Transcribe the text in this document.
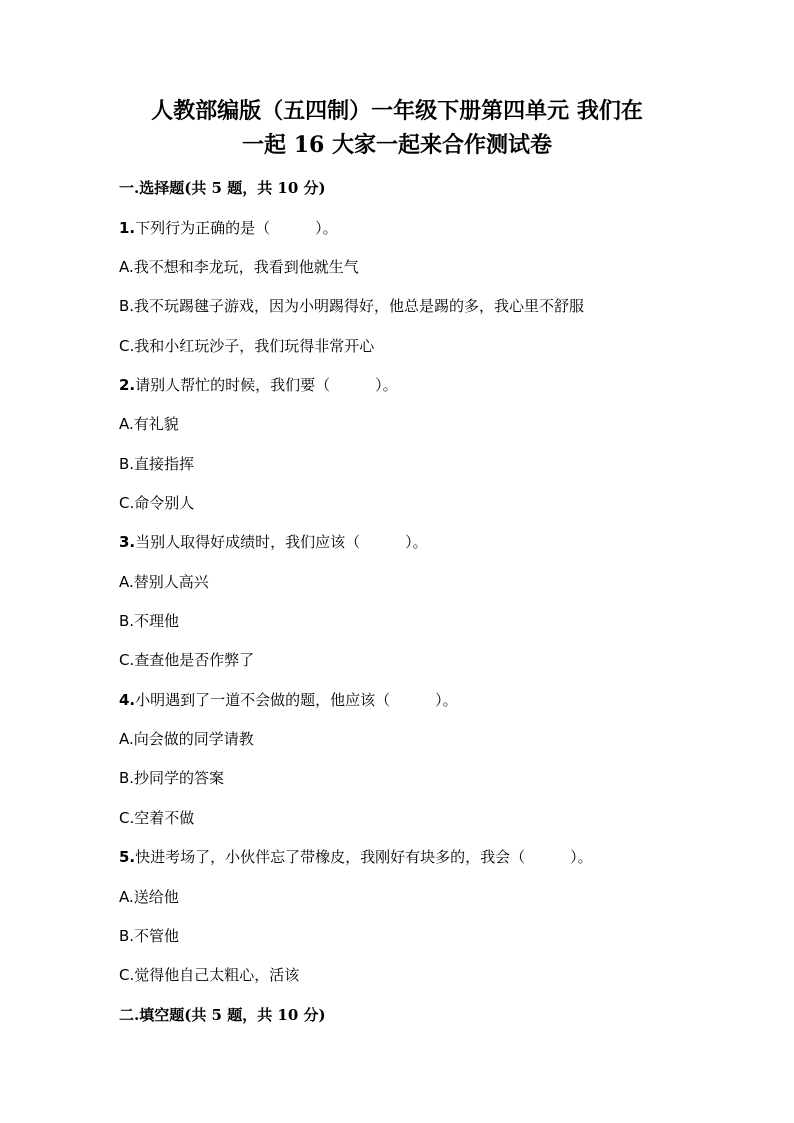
人教部编版（五四制）一年级下册第四单元 我们在
一起 16 大家一起来合作测试卷
一.选择题(共 5 题，共 10 分)
1.下列行为正确的是（　　　）。
A.我不想和李龙玩，我看到他就生气
B.我不玩踢毽子游戏，因为小明踢得好，他总是踢的多，我心里不舒服
C.我和小红玩沙子，我们玩得非常开心
2.请别人帮忙的时候，我们要（　　　）。
A.有礼貌
B.直接指挥
C.命令别人
3.当别人取得好成绩时，我们应该（　　　）。
A.替别人高兴
B.不理他
C.查查他是否作弊了
4.小明遇到了一道不会做的题，他应该（　　　）。
A.向会做的同学请教
B.抄同学的答案
C.空着不做
5.快进考场了，小伙伴忘了带橡皮，我刚好有块多的，我会（　　　）。
A.送给他
B.不管他
C.觉得他自己太粗心，活该
二.填空题(共 5 题，共 10 分)
